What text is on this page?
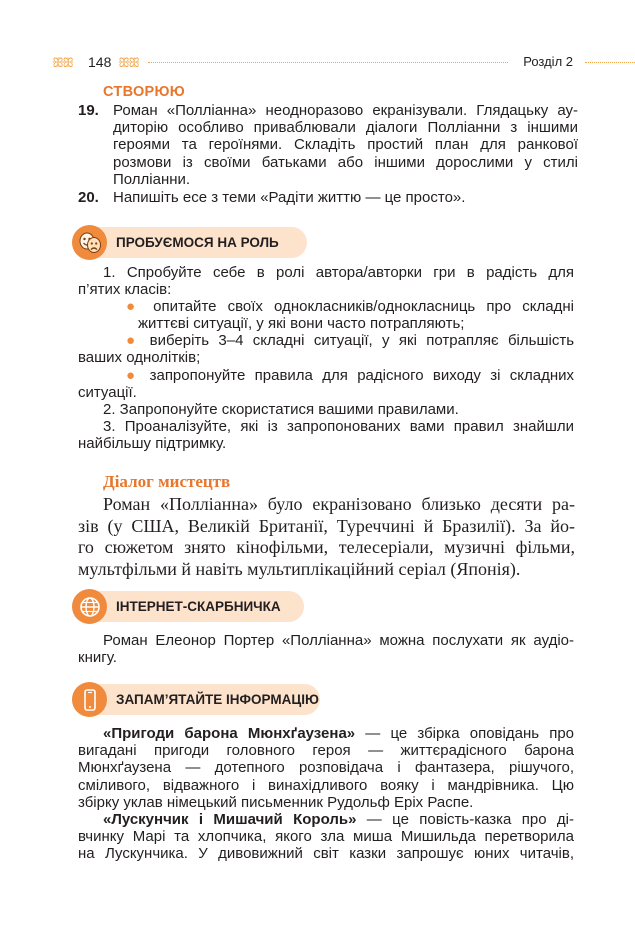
ꕥꕥ 148 ꕥꕥ	Розділ 2
СТВОРЮЮ
19. Роман «Полліанна» неодноразово екранізували. Глядацьку ау-
диторію особливо приваблювали діалоги Полліанни з іншими
героями та героїнями. Складіть простий план для ранкової
розмови із своїми батьками або іншими дорослими у стилі
Полліанни.
20. Напишіть есе з теми «Радіти життю — це просто».
ПРОБУЄМОСЯ НА РОЛЬ
1. Спробуйте себе в ролі автора/авторки гри в радість для
п’ятих класів:
● опитайте своїх однокласників/однокласниць про складні
життєві ситуації, у які вони часто потрапляють;
● виберіть 3–4 складні ситуації, у які потрапляє більшість
ваших однолітків;
● запропонуйте правила для радісного виходу зі складних
ситуації.
2. Запропонуйте скористатися вашими правилами.
3. Проаналізуйте, які із запропонованих вами правил знайшли
найбільшу підтримку.
Діалог мистецтв
Роман «Полліанна» було екранізовано близько десяти ра-
зів (у США, Великій Британії, Туреччині й Бразилії). За йо-
го сюжетом знято кінофільми, телесеріали, музичні фільми,
мультфільми й навіть мультиплікаційний серіал (Японія).
ІНТЕРНЕТ-СКАРБНИЧКА
Роман Елеонор Портер «Полліанна» можна послухати як аудіо-
книгу.
ЗАПАМ’ЯТАЙТЕ ІНФОРМАЦІЮ
«Пригоди барона Мюнхґаузена» — це збірка оповідань про
вигадані пригоди головного героя — життєрадісного барона
Мюнхґаузена — дотепного розповідача і фантазера, рішучого,
сміливого, відважного і винахідливого вояку і мандрівника. Цю
збірку уклав німецький письменник Рудольф Еріх Распе.
«Лускунчик і Мишачий Король» — це повість-казка про ді-
вчинку Марі та хлопчика, якого зла миша Мишильда перетворила
на Лускунчика. У дивовижний світ казки запрошує юних читачів,
